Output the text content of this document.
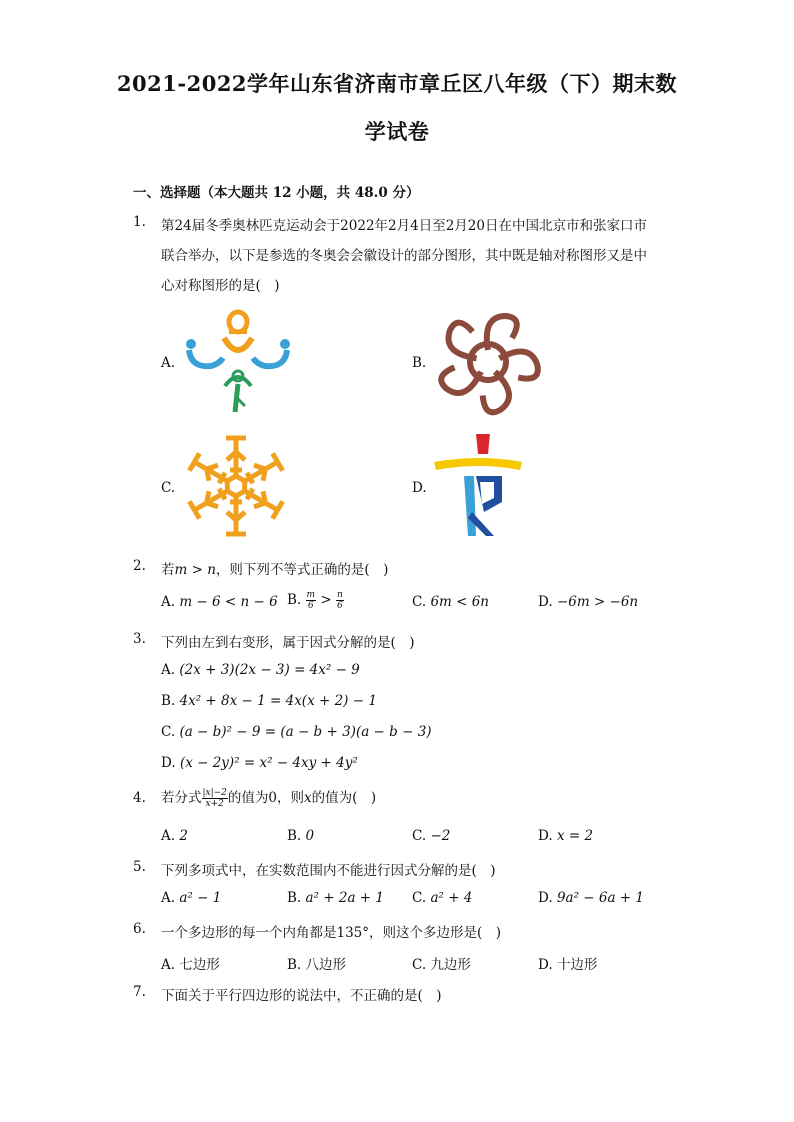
2021-2022学年山东省济南市章丘区八年级（下）期末数
学试卷
一、选择题（本大题共 12 小题，共 48.0 分）
1. 第24届冬季奥林匹克运动会于2022年2月4日至2月20日在中国北京市和张家口市
联合举办，以下是参选的冬奥会会徽设计的部分图形，其中既是轴对称图形又是中
心对称图形的是(　)
A.	B.
C.	D.
2. 若m > n，则下列不等式正确的是(　)
A. m − 6 < n − 6 B. $\frac{m}{6} > \frac{n}{6}$	C. 6m < 6n	D. −6m > −6n
3. 下列由左到右变形，属于因式分解的是(　)
A. (2x + 3)(2x − 3) = 4x² − 9
B. 4x² + 8x − 1 = 4x(x + 2) − 1
C. (a − b)² − 9 = (a − b + 3)(a − b − 3)
D. (x − 2y)² = x² − 4xy + 4y²
4. 若分式 $\frac{|x|-2}{x+2}$ 的值为0，则x的值为(　)
A. 2	B. 0	C. −2	D. x = 2
5. 下列多项式中，在实数范围内不能进行因式分解的是(　)
A. a² − 1	B. a² + 2a + 1 C. a² + 4	D. 9a² − 6a + 1
6. 一个多边形的每一个内角都是135°，则这个多边形是(　)
A. 七边形	B. 八边形	C. 九边形	D. 十边形
7. 下面关于平行四边形的说法中，不正确的是(　)
